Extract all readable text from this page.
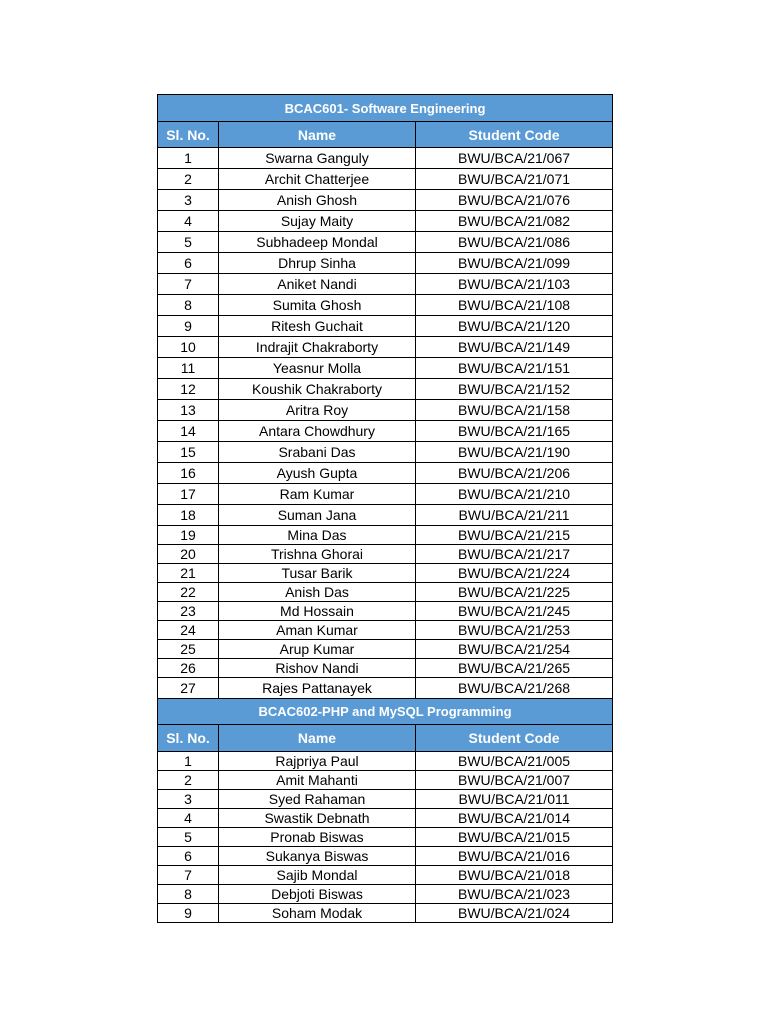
BCAC601- Software Engineering		
Sl. No.	Name	Student Code
1	Swarna Ganguly	BWU/BCA/21/067
2	Archit Chatterjee	BWU/BCA/21/071
3	Anish Ghosh	BWU/BCA/21/076
4	Sujay Maity	BWU/BCA/21/082
5	Subhadeep Mondal	BWU/BCA/21/086
6	Dhrup Sinha	BWU/BCA/21/099
7	Aniket Nandi	BWU/BCA/21/103
8	Sumita Ghosh	BWU/BCA/21/108
9	Ritesh Guchait	BWU/BCA/21/120
10	Indrajit Chakraborty	BWU/BCA/21/149
11	Yeasnur Molla	BWU/BCA/21/151
12	Koushik Chakraborty	BWU/BCA/21/152
13	Aritra Roy	BWU/BCA/21/158
14	Antara Chowdhury	BWU/BCA/21/165
15	Srabani Das	BWU/BCA/21/190
16	Ayush Gupta	BWU/BCA/21/206
17	Ram Kumar	BWU/BCA/21/210
18	Suman Jana	BWU/BCA/21/211
19	Mina Das	BWU/BCA/21/215
20	Trishna Ghorai	BWU/BCA/21/217
21	Tusar Barik	BWU/BCA/21/224
22	Anish Das	BWU/BCA/21/225
23	Md Hossain	BWU/BCA/21/245
24	Aman Kumar	BWU/BCA/21/253
25	Arup Kumar	BWU/BCA/21/254
26	Rishov Nandi	BWU/BCA/21/265
27	Rajes Pattanayek	BWU/BCA/21/268
BCAC602-PHP and MySQL Programming		
Sl. No.	Name	Student Code
1	Rajpriya Paul	BWU/BCA/21/005
2	Amit Mahanti	BWU/BCA/21/007
3	Syed Rahaman	BWU/BCA/21/011
4	Swastik Debnath	BWU/BCA/21/014
5	Pronab Biswas	BWU/BCA/21/015
6	Sukanya Biswas	BWU/BCA/21/016
7	Sajib Mondal	BWU/BCA/21/018
8	Debjoti Biswas	BWU/BCA/21/023
9	Soham Modak	BWU/BCA/21/024
